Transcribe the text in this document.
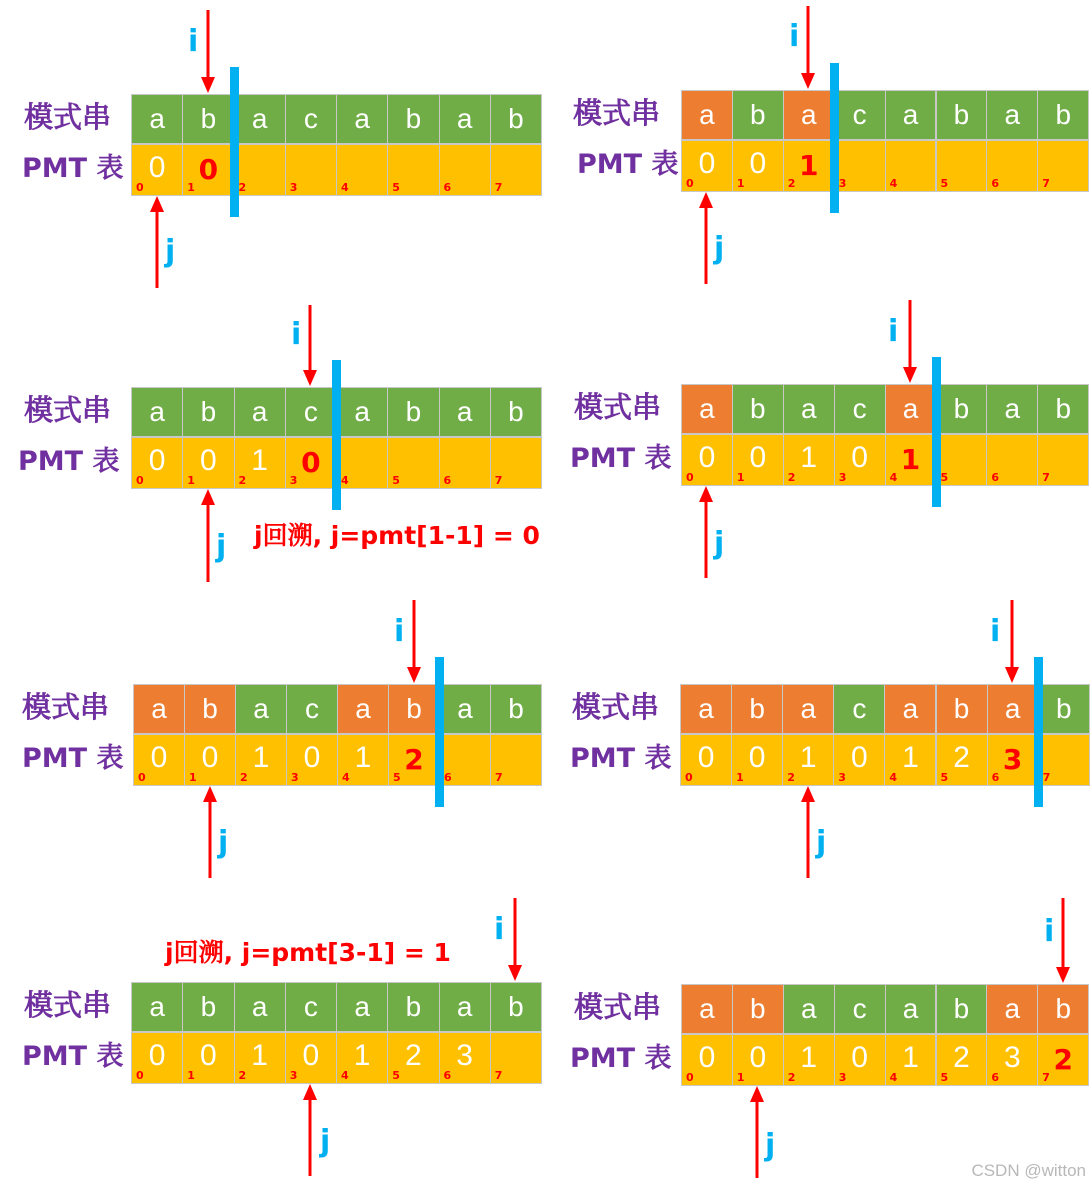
模式串
PMT 表
a
0
0
b
0
1
a
2
c
3
a
4
b
5
a
6
b
7
i
j
模式串
PMT 表
a
0
0
b
0
1
a
1
2
c
3
a
4
b
5
a
6
b
7
i
j
模式串
PMT 表
a
0
0
b
0
1
a
1
2
c
0
3
a
4
b
5
a
6
b
7
i
j j回溯, j=pmt[1-1] = 0
模式串
PMT 表
a
0
0
b
0
1
a
1
2
c
0
3
a
1
4
b
5
a
6
b
7
i
j
模式串
PMT 表
a
0
0
b
0
1
a
1
2
c
0
3
a
1
4
b
2
5
a
6
b
7
i
j
模式串
PMT 表
a
0
0
b
0
1
a
1
2
c
0
3
a
1
4
b
2
5
a
3
6
b
7
i
j
模式串
PMT 表
a
0
0
b
0
1
a
1
2
c
0
3
a
1
4
b
2
5
a
3
6
b
7
i
j
j回溯, j=pmt[3-1] = 1
模式串
PMT 表
a
0
0
b
0
1
a
1
2
c
0
3
a
1
4
b
2
5
a
3
6
b
2
7
i
j
CSDN @witton
